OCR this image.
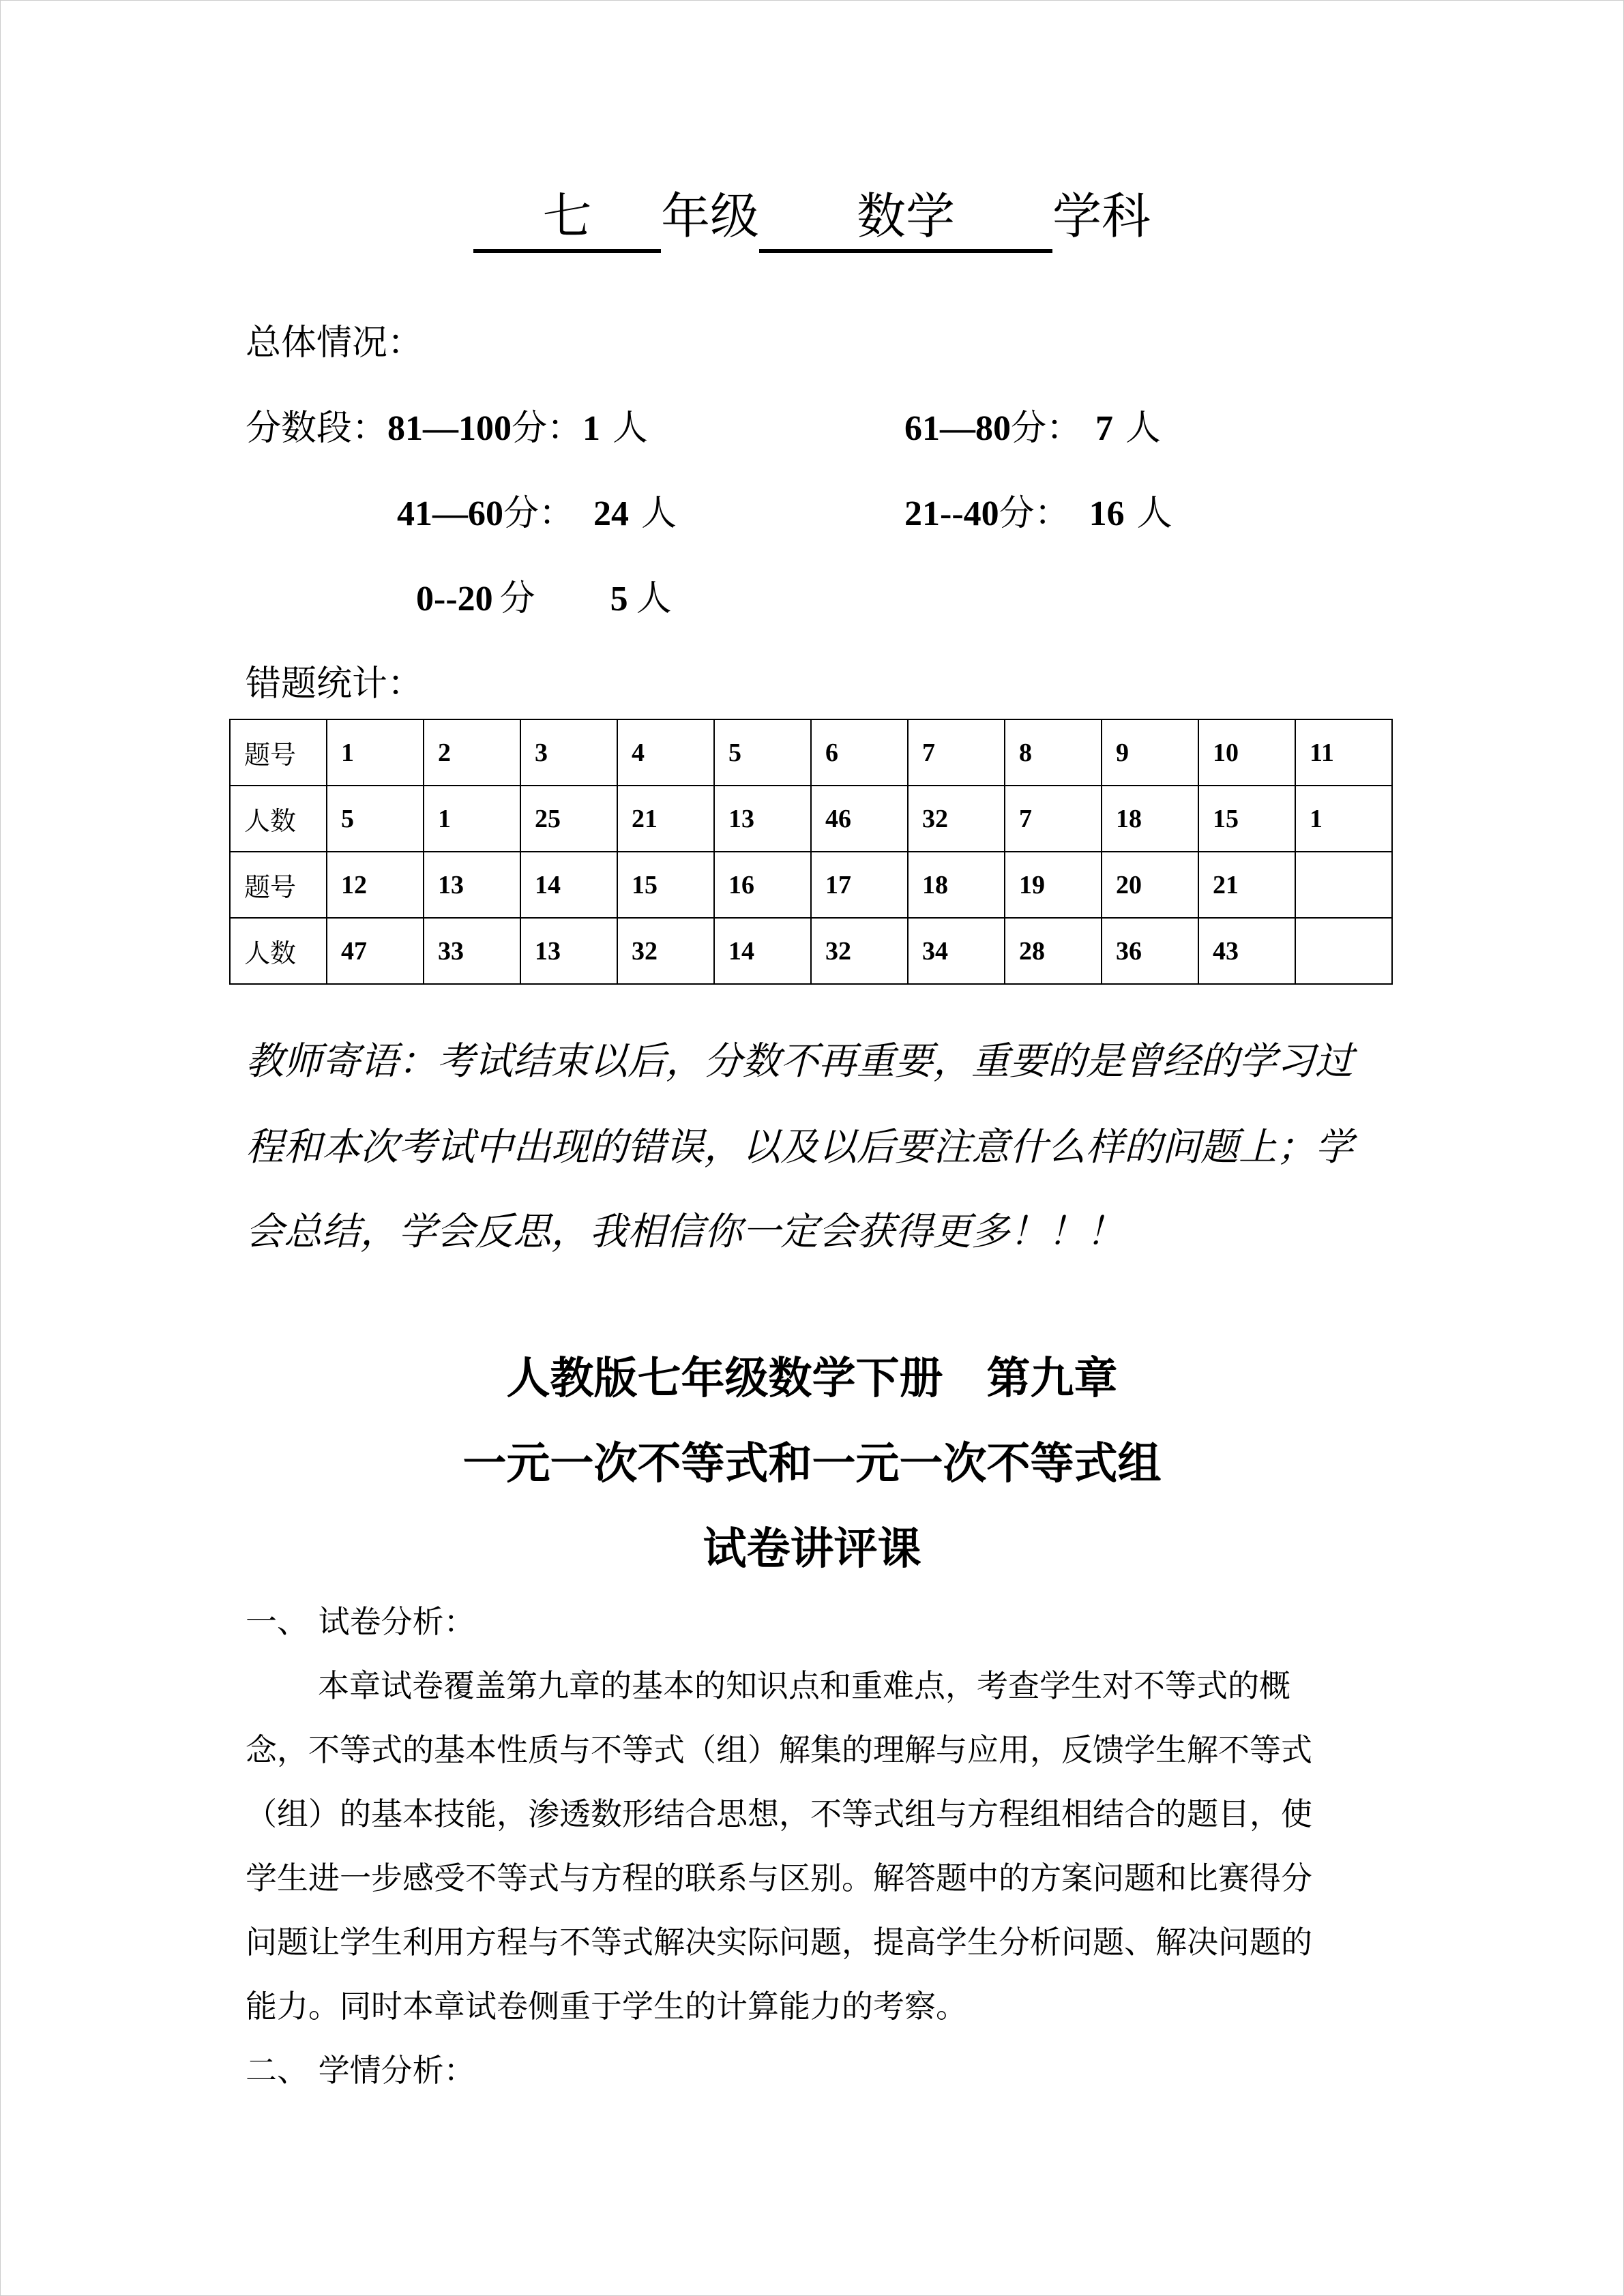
七 年级 数学 学科
总体情况：
分数段：81—100分：1 人	61—80分： 7 人
41—60分： 24 人	21--40分： 16 人
0--20 分 5 人
错题统计：
题号	1	2	3	4	5	6	7	8	9	10	11
人数	5	1	25	21	13	46	32	7	18	15	1
题号	12	13	14	15	16	17	18	19	20	21	
人数	47	33	13	32	14	32	34	28	36	43	
教师寄语：考试结束以后，分数不再重要，重要的是曾经的学习过
程和本次考试中出现的错误，以及以后要注意什么样的问题上；学
会总结，学会反思，我相信你一定会获得更多！！！
人教版七年级数学下册　第九章
一元一次不等式和一元一次不等式组
试卷讲评课
一、 试卷分析：
本章试卷覆盖第九章的基本的知识点和重难点，考查学生对不等式的概
念，不等式的基本性质与不等式（组）解集的理解与应用，反馈学生解不等式
（组）的基本技能，渗透数形结合思想，不等式组与方程组相结合的题目，使
学生进一步感受不等式与方程的联系与区别。解答题中的方案问题和比赛得分
问题让学生利用方程与不等式解决实际问题，提高学生分析问题、解决问题的
能力。同时本章试卷侧重于学生的计算能力的考察。
二、 学情分析：
